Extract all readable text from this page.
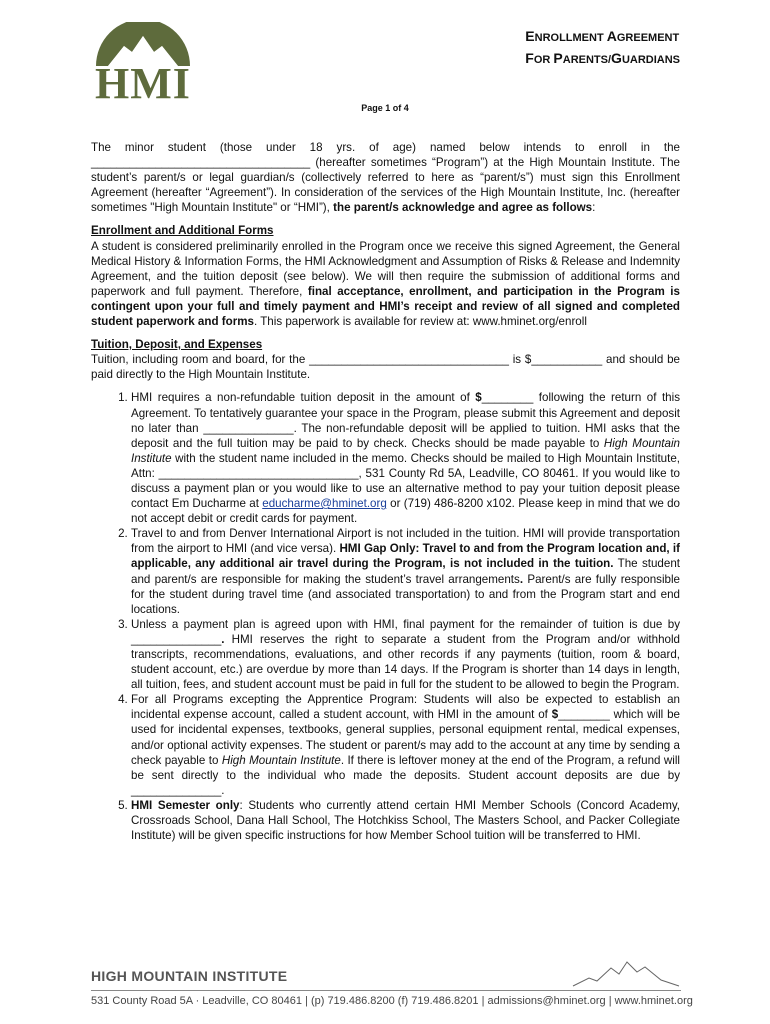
HMI
ENROLLMENT AGREEMENT
FOR PARENTS/GUARDIANS
Page 1 of 4

The minor student (those under 18 yrs. of age) named below intends to enroll in the __________________________________ (hereafter sometimes “Program”) at the High Mountain Institute. The student’s parent/s or legal guardian/s (collectively referred to here as “parent/s”) must sign this Enrollment Agreement (hereafter “Agreement”). In consideration of the services of the High Mountain Institute, Inc. (hereafter sometimes "High Mountain Institute" or “HMI”), the parent/s acknowledge and agree as follows:

Enrollment and Additional Forms

A student is considered preliminarily enrolled in the Program once we receive this signed Agreement, the General Medical History & Information Forms, the HMI Acknowledgment and Assumption of Risks & Release and Indemnity Agreement, and the tuition deposit (see below). We will then require the submission of additional forms and paperwork and full payment. Therefore, final acceptance, enrollment, and participation in the Program is contingent upon your full and timely payment and HMI’s receipt and review of all signed and completed student paperwork and forms. This paperwork is available for review at: www.hminet.org/enroll

Tuition, Deposit, and Expenses

Tuition, including room and board, for the _______________________________ is $___________ and should be paid directly to the High Mountain Institute.

1. HMI requires a non-refundable tuition deposit in the amount of $________ following the return of this Agreement. To tentatively guarantee your space in the Program, please submit this Agreement and deposit no later than ______________. The non-refundable deposit will be applied to tuition. HMI asks that the deposit and the full tuition may be paid to by check. Checks should be made payable to High Mountain Institute with the student name included in the memo. Checks should be mailed to High Mountain Institute, Attn: _______________________________, 531 County Rd 5A, Leadville, CO 80461. If you would like to discuss a payment plan or you would like to use an alternative method to pay your tuition deposit please contact Em Ducharme at educharme@hminet.org or (719) 486-8200 x102. Please keep in mind that we do not accept debit or credit cards for payment.
2. Travel to and from Denver International Airport is not included in the tuition. HMI will provide transportation from the airport to HMI (and vice versa). HMI Gap Only: Travel to and from the Program location and, if applicable, any additional air travel during the Program, is not included in the tuition. The student and parent/s are responsible for making the student’s travel arrangements. Parent/s are fully responsible for the student during travel time (and associated transportation) to and from the Program start and end locations.
3. Unless a payment plan is agreed upon with HMI, final payment for the remainder of tuition is due by ______________. HMI reserves the right to separate a student from the Program and/or withhold transcripts, recommendations, evaluations, and other records if any payments (tuition, room & board, student account, etc.) are overdue by more than 14 days. If the Program is shorter than 14 days in length, all tuition, fees, and student account must be paid in full for the student to be allowed to begin the Program.
4. For all Programs excepting the Apprentice Program: Students will also be expected to establish an incidental expense account, called a student account, with HMI in the amount of $________ which will be used for incidental expenses, textbooks, general supplies, personal equipment rental, medical expenses, and/or optional activity expenses. The student or parent/s may add to the account at any time by sending a check payable to High Mountain Institute. If there is leftover money at the end of the Program, a refund will be sent directly to the individual who made the deposits. Student account deposits are due by ______________.
5. HMI Semester only: Students who currently attend certain HMI Member Schools (Concord Academy, Crossroads School, Dana Hall School, The Hotchkiss School, The Masters School, and Packer Collegiate Institute) will be given specific instructions for how Member School tuition will be transferred to HMI.
HIGH MOUNTAIN INSTITUTE
531 County Road 5A · Leadville, CO 80461 | (p) 719.486.8200 (f) 719.486.8201 | admissions@hminet.org | www.hminet.org
